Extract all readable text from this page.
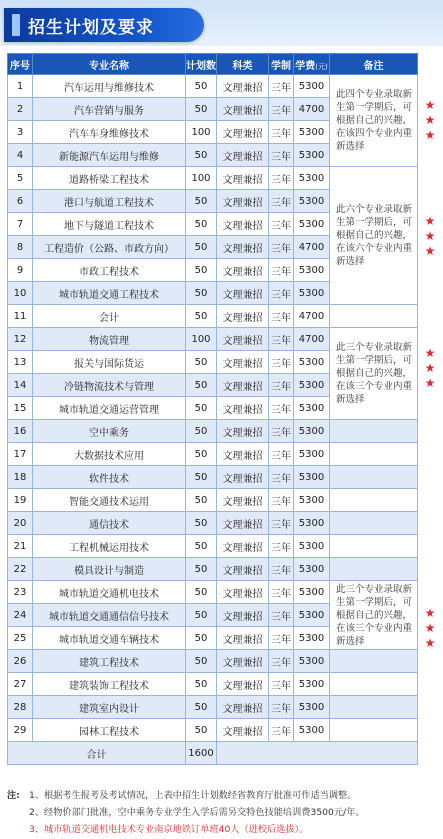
招生计划及要求
序号	专业名称	计划数	科类	学制	学费(元)	备注
1	汽车运用与维修技术	50	文理兼招	三年	5300	此四个专业录取新生第一学期后，可根据自己的兴趣，在该四个专业内重新选择
2	汽车营销与服务	50	文理兼招	三年	4700	
3	汽车车身维修技术	100	文理兼招	三年	5300	
4	新能源汽车运用与维修	50	文理兼招	三年	5300	
5	道路桥梁工程技术	100	文理兼招	三年	5300	此六个专业录取新生第一学期后，可根据自己的兴趣，在该六个专业内重新选择
6	港口与航道工程技术	50	文理兼招	三年	5300	
7	地下与隧道工程技术	50	文理兼招	三年	5300	
8	工程造价（公路、市政方向）	50	文理兼招	三年	4700	
9	市政工程技术	50	文理兼招	三年	5300	
10	城市轨道交通工程技术	50	文理兼招	三年	5300	
11	会计	50	文理兼招	三年	4700	
12	物流管理	100	文理兼招	三年	4700	此三个专业录取新生第一学期后，可根据自己的兴趣，在该三个专业内重新选择
13	报关与国际货运	50	文理兼招	三年	5300	
14	冷链物流技术与管理	50	文理兼招	三年	5300	
15	城市轨道交通运营管理	50	文理兼招	三年	5300	
16	空中乘务	50	文理兼招	三年	5300	
17	大数据技术应用	50	文理兼招	三年	5300	
18	软件技术	50	文理兼招	三年	5300	
19	智能交通技术运用	50	文理兼招	三年	5300	
20	通信技术	50	文理兼招	三年	5300	
21	工程机械运用技术	50	文理兼招	三年	5300	
22	模具设计与制造	50	文理兼招	三年	5300	
23	城市轨道交通机电技术	50	文理兼招	三年	5300	此三个专业录取新生第一学期后，可根据自己的兴趣，在该三个专业内重新选择
24	城市轨道交通通信信号技术	50	文理兼招	三年	5300	
25	城市轨道交通车辆技术	50	文理兼招	三年	5300	
26	建筑工程技术	50	文理兼招	三年	5300	
27	建筑装饰工程技术	50	文理兼招	三年	5300	
28	建筑室内设计	50	文理兼招	三年	5300	
29	园林工程技术	50	文理兼招	三年	5300	
合计		1600				
★
★
★
★
★
★
★
★
★
★
★
★
注: 1、根据考生报考及考试情况，上表中招生计划数经省教育厅批准可作适当调整。
2、经物价部门批准，空中乘务专业学生入学后需另交特色技能培训费3500元/年。
3、城市轨道交通机电技术专业南京地铁订单班40人（进校后选拔）。
